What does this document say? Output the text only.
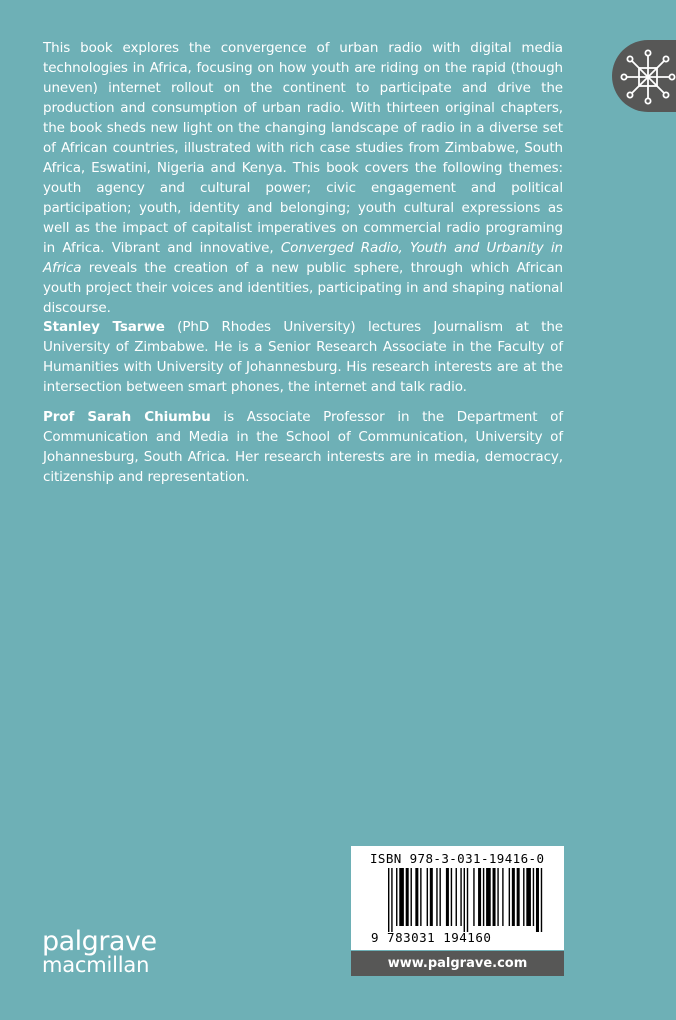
This book explores the convergence of urban radio with digital media technologies in Africa, focusing on how youth are riding on the rapid (though uneven) internet rollout on the continent to participate and drive the production and consumption of urban radio. With thirteen original chapters, the book sheds new light on the changing landscape of radio in a diverse set of African countries, illustrated with rich case studies from Zimbabwe, South Africa, Eswatini, Nigeria and Kenya. This book covers the following themes: youth agency and cultural power; civic engagement and political participation; youth, identity and belonging; youth cultural expressions as well as the impact of capitalist imperatives on commercial radio programing in Africa. Vibrant and innovative, Converged Radio, Youth and Urbanity in Africa reveals the creation of a new public sphere, through which African youth project their voices and identities, participating in and shaping national discourse.

Stanley Tsarwe (PhD Rhodes University) lectures Journalism at the University of Zimbabwe. He is a Senior Research Associate in the Faculty of Humanities with University of Johannesburg. His research interests are at the intersection between smart phones, the internet and talk radio.

Prof Sarah Chiumbu is Associate Professor in the Department of Communication and Media in the School of Communication, University of Johannesburg, South Africa. Her research interests are in media, democracy, citizenship and representation.

palgrave
macmillan
ISBN 978-3-031-19416-0
9 783031 194160
www.palgrave.com
